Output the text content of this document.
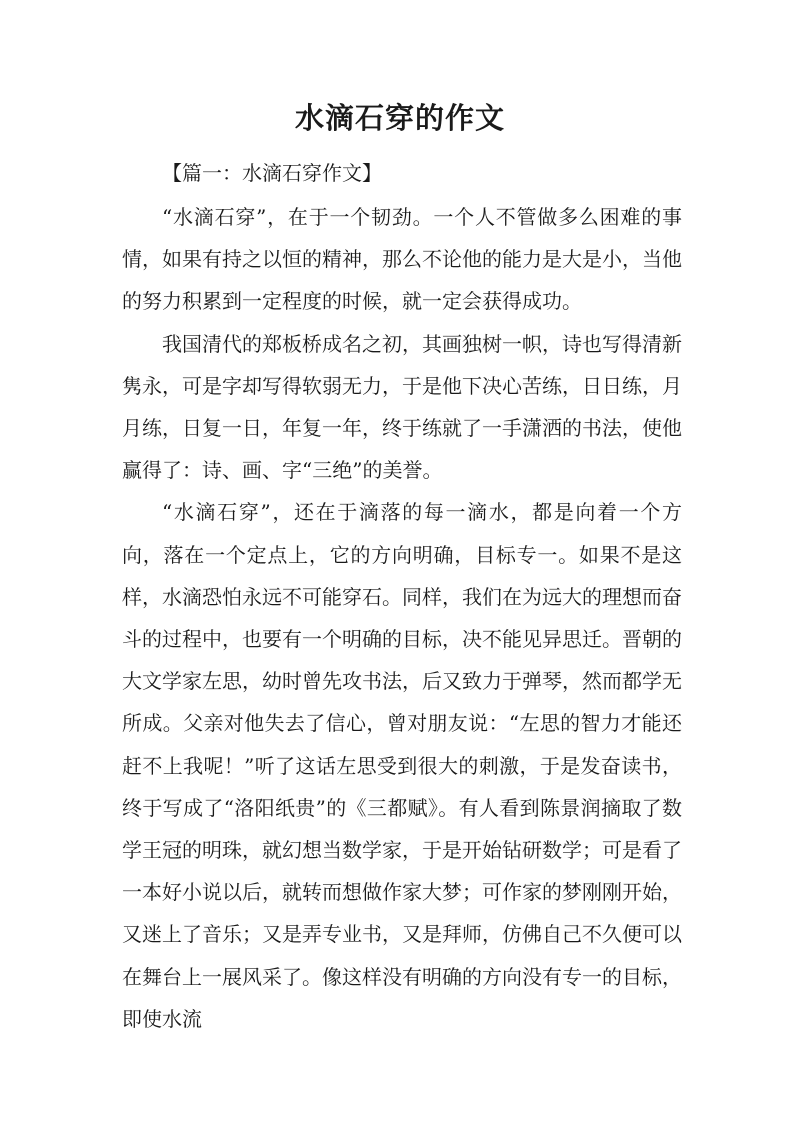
水滴石穿的作文

【篇一：水滴石穿作文】

“水滴石穿”，在于一个韧劲。一个人不管做多么困难的事情，如果有持之以恒的精神，那么不论他的能力是大是小，当他的努力积累到一定程度的时候，就一定会获得成功。

我国清代的郑板桥成名之初，其画独树一帜，诗也写得清新隽永，可是字却写得软弱无力，于是他下决心苦练，日日练，月月练，日复一日，年复一年，终于练就了一手潇洒的书法，使他赢得了：诗、画、字“三绝”的美誉。

“水滴石穿”，还在于滴落的每一滴水，都是向着一个方向，落在一个定点上，它的方向明确，目标专一。如果不是这样，水滴恐怕永远不可能穿石。同样，我们在为远大的理想而奋斗的过程中，也要有一个明确的目标，决不能见异思迁。晋朝的大文学家左思，幼时曾先攻书法，后又致力于弹琴，然而都学无所成。父亲对他失去了信心，曾对朋友说：“左思的智力才能还赶不上我呢！”听了这话左思受到很大的刺激，于是发奋读书，终于写成了“洛阳纸贵”的《三都赋》。有人看到陈景润摘取了数学王冠的明珠，就幻想当数学家，于是开始钻研数学；可是看了一本好小说以后，就转而想做作家大梦；可作家的梦刚刚开始，又迷上了音乐；又是弄专业书，又是拜师，仿佛自己不久便可以在舞台上一展风采了。像这样没有明确的方向没有专一的目标，即使水流
